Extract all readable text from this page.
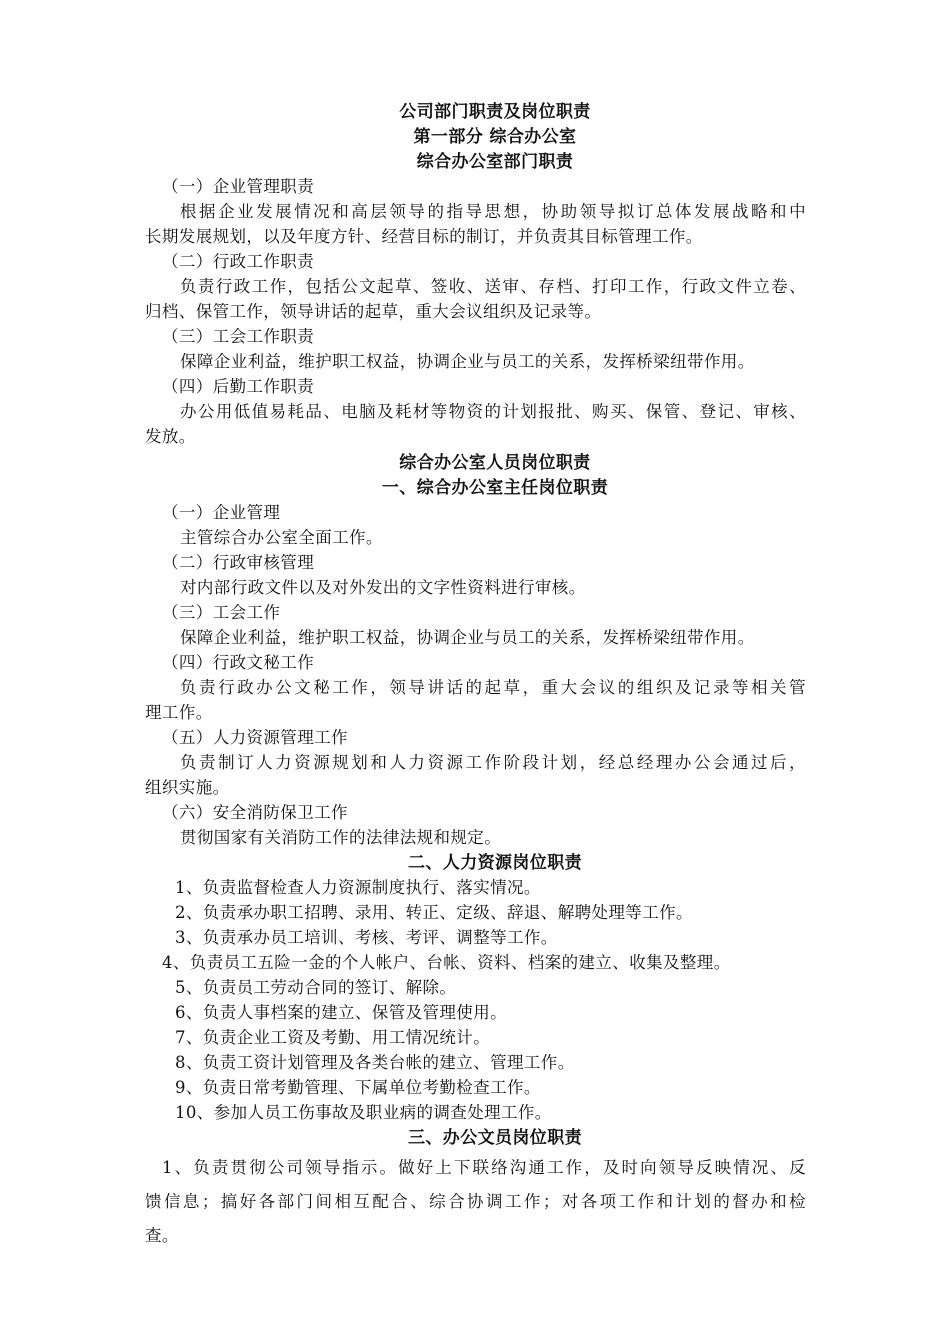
公司部门职责及岗位职责
第一部分 综合办公室
综合办公室部门职责
（一）企业管理职责
根据企业发展情况和高层领导的指导思想，协助领导拟订总体发展战略和中
长期发展规划，以及年度方针、经营目标的制订，并负责其目标管理工作。
（二）行政工作职责
负责行政工作，包括公文起草、签收、送审、存档、打印工作，行政文件立卷、
归档、保管工作，领导讲话的起草，重大会议组织及记录等。
（三）工会工作职责
保障企业利益，维护职工权益，协调企业与员工的关系，发挥桥梁纽带作用。
（四）后勤工作职责
办公用低值易耗品、电脑及耗材等物资的计划报批、购买、保管、登记、审核、
发放。
综合办公室人员岗位职责
一、综合办公室主任岗位职责
（一）企业管理
主管综合办公室全面工作。
（二）行政审核管理
对内部行政文件以及对外发出的文字性资料进行审核。
（三）工会工作
保障企业利益，维护职工权益，协调企业与员工的关系，发挥桥梁纽带作用。
（四）行政文秘工作
负责行政办公文秘工作，领导讲话的起草，重大会议的组织及记录等相关管
理工作。
（五）人力资源管理工作
负责制订人力资源规划和人力资源工作阶段计划，经总经理办公会通过后，
组织实施。
（六）安全消防保卫工作
贯彻国家有关消防工作的法律法规和规定。
二、人力资源岗位职责
1、负责监督检查人力资源制度执行、落实情况。
2、负责承办职工招聘、录用、转正、定级、辞退、解聘处理等工作。
3、负责承办员工培训、考核、考评、调整等工作。
4、负责员工五险一金的个人帐户、台帐、资料、档案的建立、收集及整理。
5、负责员工劳动合同的签订、解除。
6、负责人事档案的建立、保管及管理使用。
7、负责企业工资及考勤、用工情况统计。
8、负责工资计划管理及各类台帐的建立、管理工作。
9、负责日常考勤管理、下属单位考勤检查工作。
10、参加人员工伤事故及职业病的调查处理工作。
三、办公文员岗位职责
1、负责贯彻公司领导指示。做好上下联络沟通工作，及时向领导反映情况、反
馈信息；搞好各部门间相互配合、综合协调工作；对各项工作和计划的督办和检
查。
